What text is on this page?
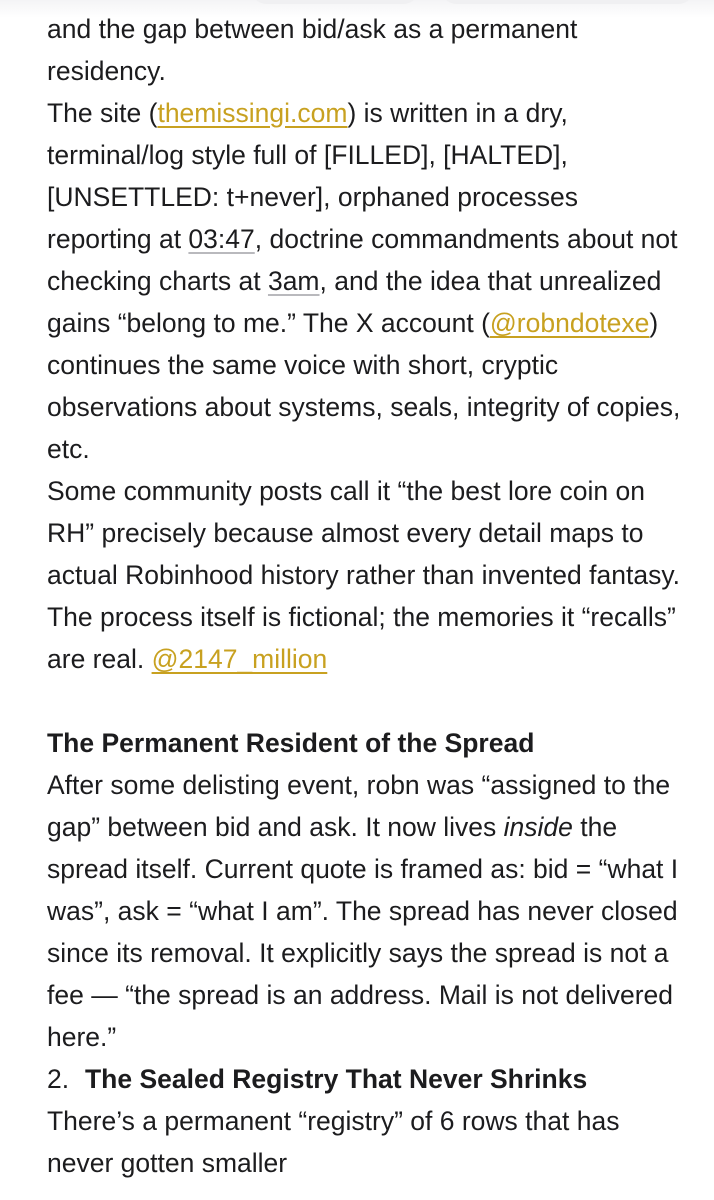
and the gap between bid/ask as a permanent residency.

The site (themissingi.com) is written in a dry, terminal/log style full of [FILLED], [HALTED], [UNSETTLED: t+never], orphaned processes reporting at 03:47, doctrine commandments about not checking charts at 3am, and the idea that unrealized gains “belong to me.” The X account (@robndotexe) continues the same voice with short, cryptic observations about systems, seals, integrity of copies, etc.

Some community posts call it “the best lore coin on RH” precisely because almost every detail maps to actual Robinhood history rather than invented fantasy. The process itself is fictional; the memories it “recalls” are real. @2147_million

The Permanent Resident of the Spread

After some delisting event, robn was “assigned to the gap” between bid and ask. It now lives inside the spread itself. Current quote is framed as: bid = “what I was”, ask = “what I am”. The spread has never closed since its removal. It explicitly says the spread is not a fee — “the spread is an address. Mail is not delivered here.”

2. The Sealed Registry That Never Shrinks

There’s a permanent “registry” of 6 rows that has never gotten smaller
